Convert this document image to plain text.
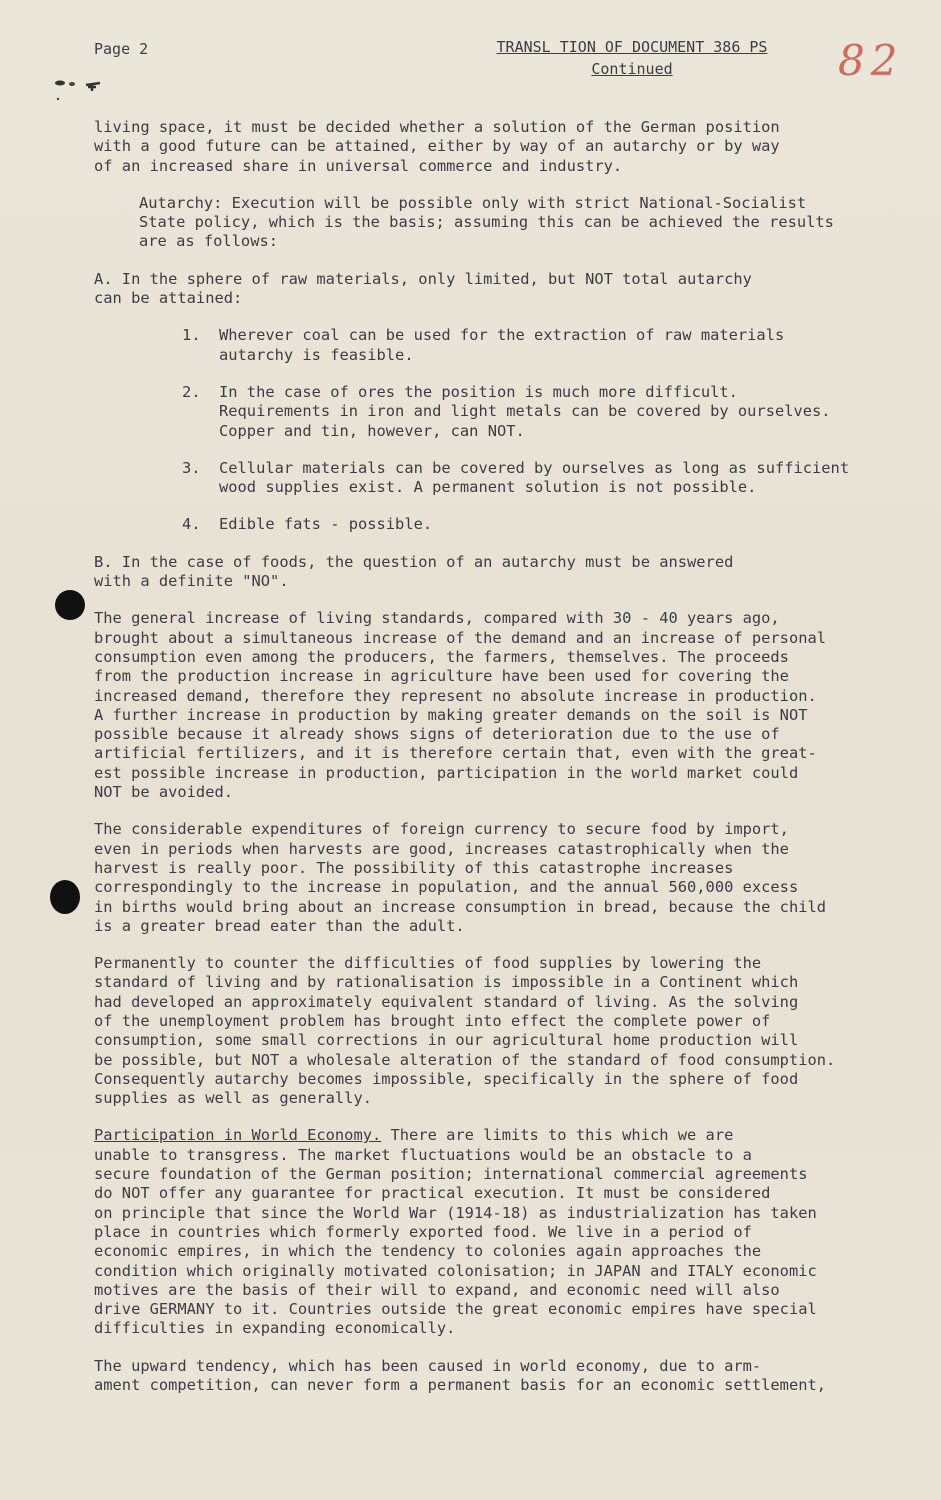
Page 2	TRANSL TION OF DOCUMENT 386 PS
Continued	82

living space, it must be decided whether a solution of the German position
with a good future can be attained, either by way of an autarchy or by way
of an increased share in universal commerce and industry.

Autarchy: Execution will be possible only with strict National-Socialist
State policy, which is the basis; assuming this can be achieved the results
are as follows:

A. In the sphere of raw materials, only limited, but NOT total autarchy
can be attained:

1. Wherever coal can be used for the extraction of raw materials
autarchy is feasible.

2. In the case of ores the position is much more difficult.
Requirements in iron and light metals can be covered by ourselves.
Copper and tin, however, can NOT.

3. Cellular materials can be covered by ourselves as long as sufficient
wood supplies exist. A permanent solution is not possible.

4. Edible fats - possible.

B. In the case of foods, the question of an autarchy must be answered
with a definite "NO".

The general increase of living standards, compared with 30 - 40 years ago,
brought about a simultaneous increase of the demand and an increase of personal
consumption even among the producers, the farmers, themselves. The proceeds
from the production increase in agriculture have been used for covering the
increased demand, therefore they represent no absolute increase in production.
A further increase in production by making greater demands on the soil is NOT
possible because it already shows signs of deterioration due to the use of
artificial fertilizers, and it is therefore certain that, even with the great-
est possible increase in production, participation in the world market could
NOT be avoided.

The considerable expenditures of foreign currency to secure food by import,
even in periods when harvests are good, increases catastrophically when the
harvest is really poor. The possibility of this catastrophe increases
correspondingly to the increase in population, and the annual 560,000 excess
in births would bring about an increase consumption in bread, because the child
is a greater bread eater than the adult.

Permanently to counter the difficulties of food supplies by lowering the
standard of living and by rationalisation is impossible in a Continent which
had developed an approximately equivalent standard of living. As the solving
of the unemployment problem has brought into effect the complete power of
consumption, some small corrections in our agricultural home production will
be possible, but NOT a wholesale alteration of the standard of food consumption.
Consequently autarchy becomes impossible, specifically in the sphere of food
supplies as well as generally.

Participation in World Economy. There are limits to this which we are
unable to transgress. The market fluctuations would be an obstacle to a
secure foundation of the German position; international commercial agreements
do NOT offer any guarantee for practical execution. It must be considered
on principle that since the World War (1914-18) as industrialization has taken
place in countries which formerly exported food. We live in a period of
economic empires, in which the tendency to colonies again approaches the
condition which originally motivated colonisation; in JAPAN and ITALY economic
motives are the basis of their will to expand, and economic need will also
drive GERMANY to it. Countries outside the great economic empires have special
difficulties in expanding economically.

The upward tendency, which has been caused in world economy, due to arm-
ament competition, can never form a permanent basis for an economic settlement,
